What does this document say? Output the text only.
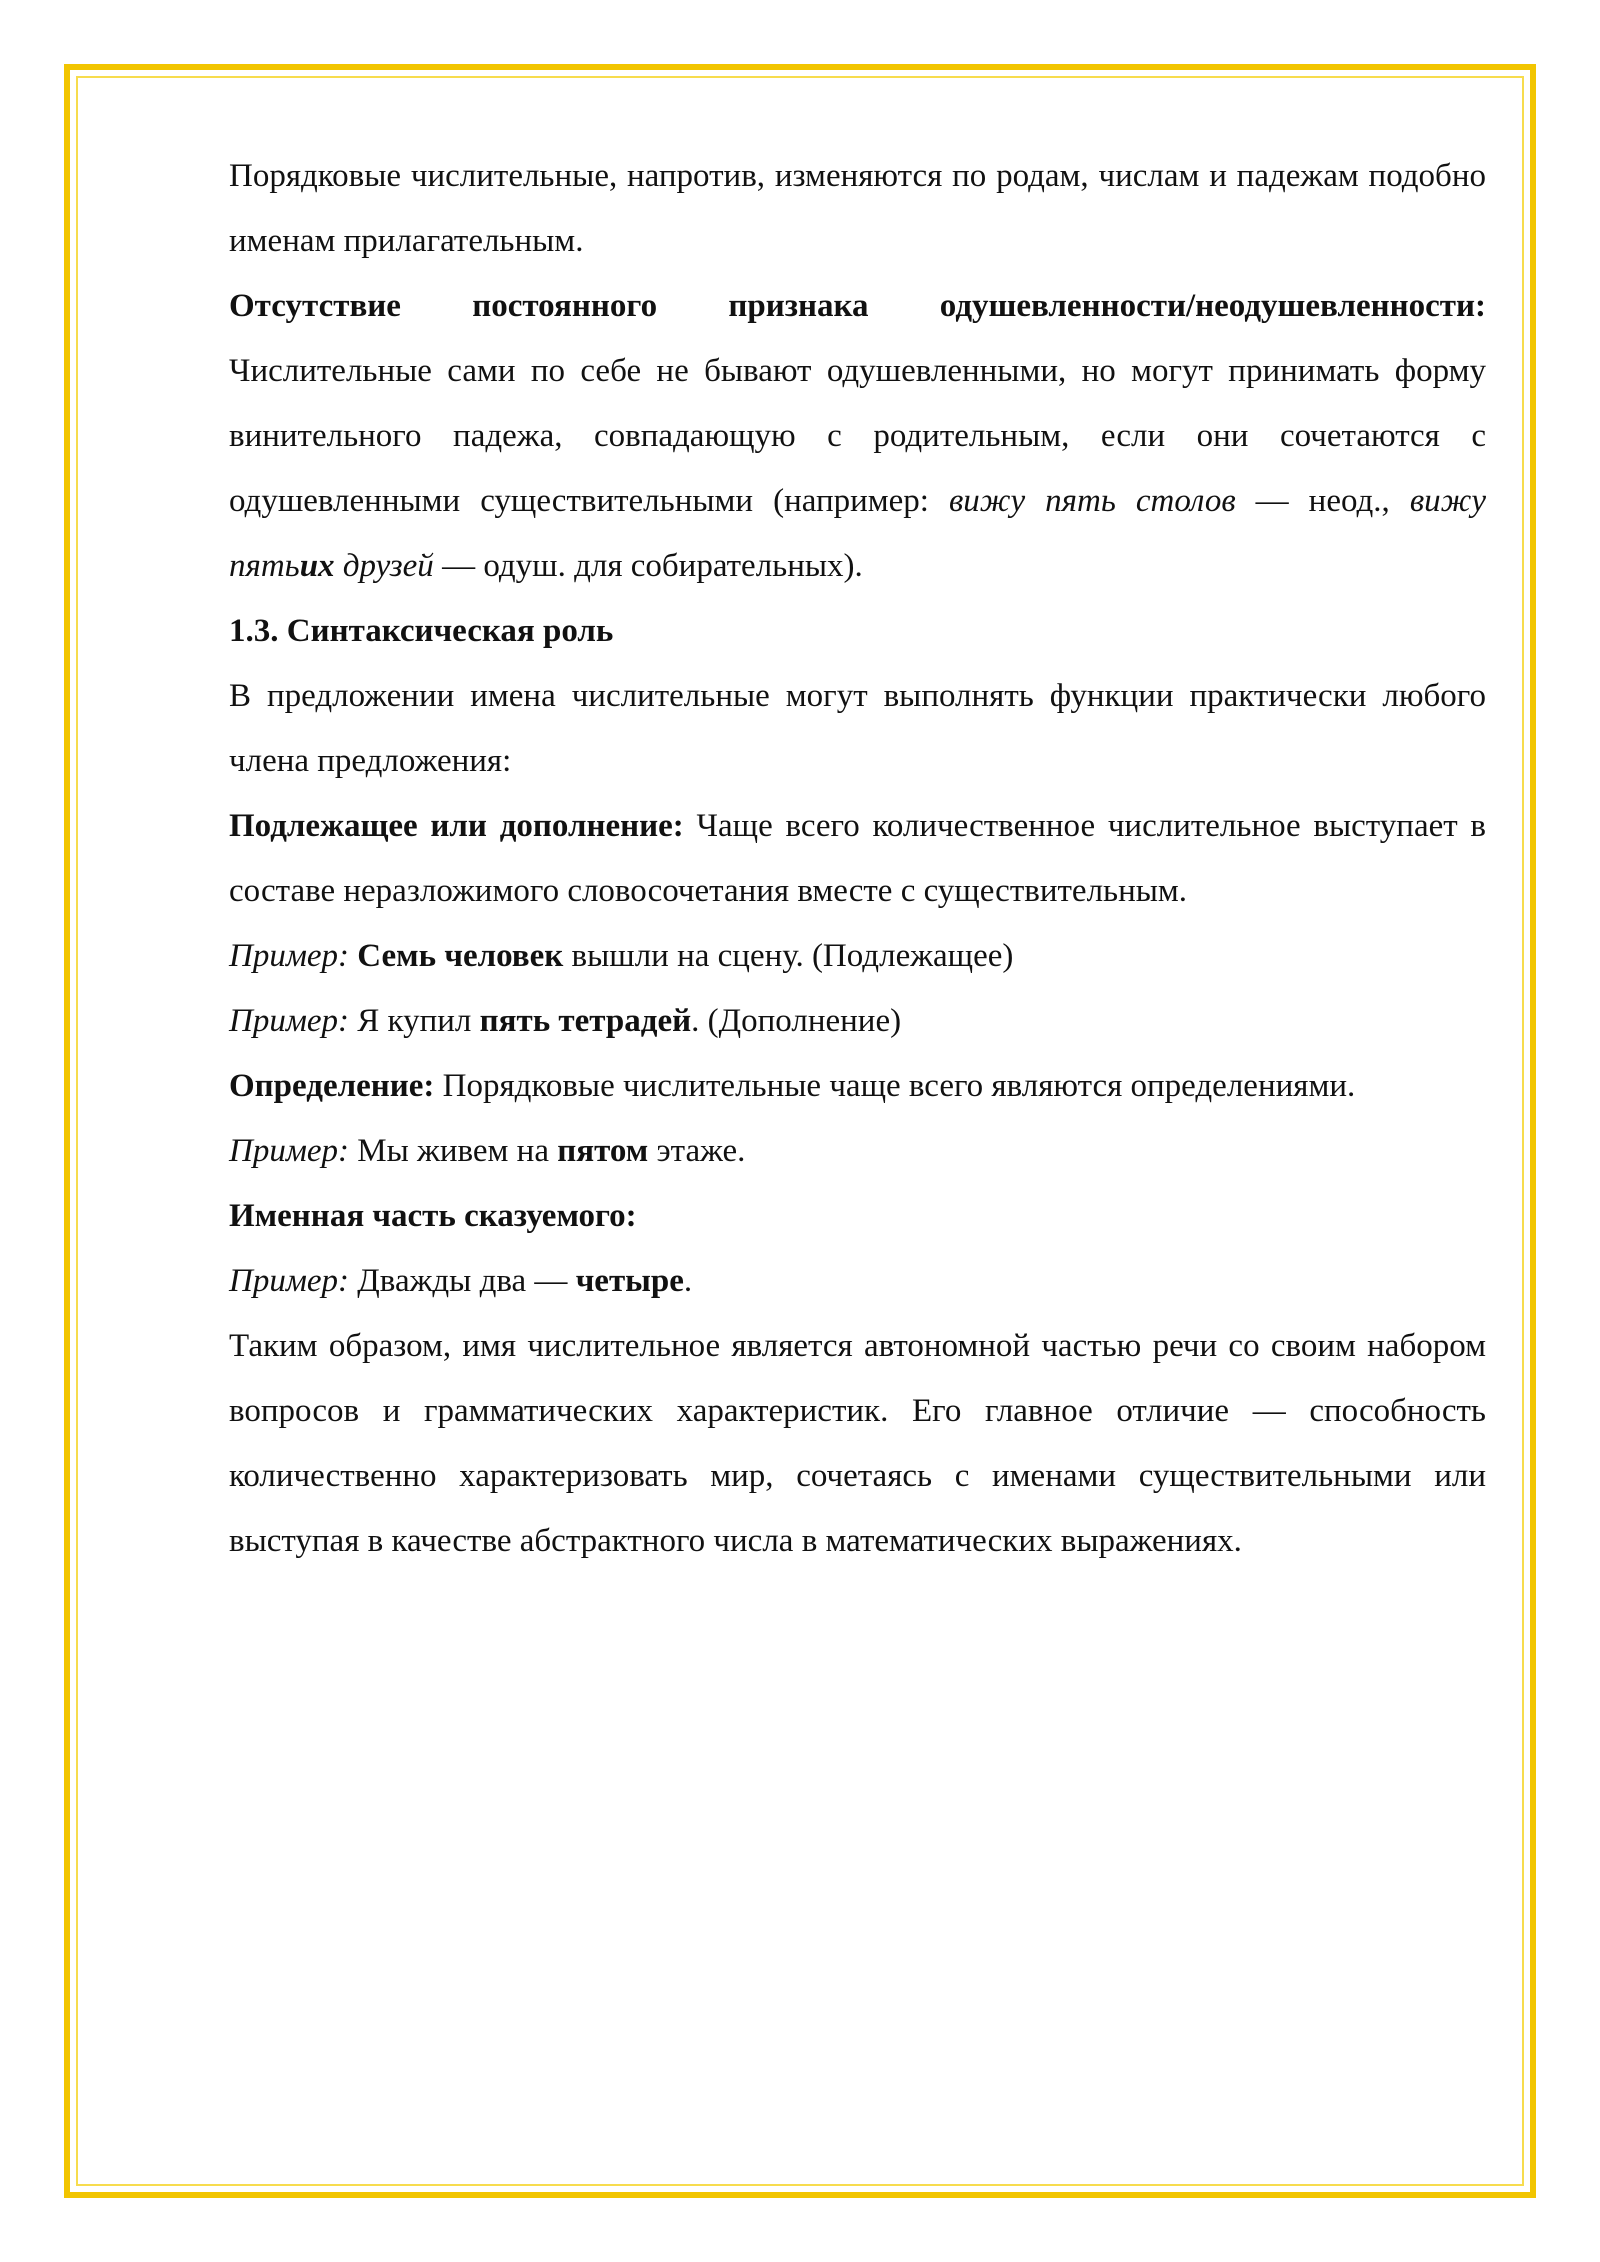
Порядковые числительные, напротив, изменяются по родам, числам и падежам подобно именам прилагательным.

Отсутствие постоянного признака одушевленности/неодушевленности: Числительные сами по себе не бывают одушевленными, но могут принимать форму винительного падежа, совпадающую с родительным, если они сочетаются с одушевленными существительными (например: вижу пять столов — неод., вижу пятьих друзей — одуш. для собирательных).

1.3. Синтаксическая роль

В предложении имена числительные могут выполнять функции практически любого члена предложения:

Подлежащее или дополнение: Чаще всего количественное числительное выступает в составе неразложимого словосочетания вместе с существительным.

Пример: Семь человек вышли на сцену. (Подлежащее)

Пример: Я купил пять тетрадей. (Дополнение)

Определение: Порядковые числительные чаще всего являются определениями.

Пример: Мы живем на пятом этаже.

Именная часть сказуемого:

Пример: Дважды два — четыре.

Таким образом, имя числительное является автономной частью речи со своим набором вопросов и грамматических характеристик. Его главное отличие — способность количественно характеризовать мир, сочетаясь с именами существительными или выступая в качестве абстрактного числа в математических выражениях.
